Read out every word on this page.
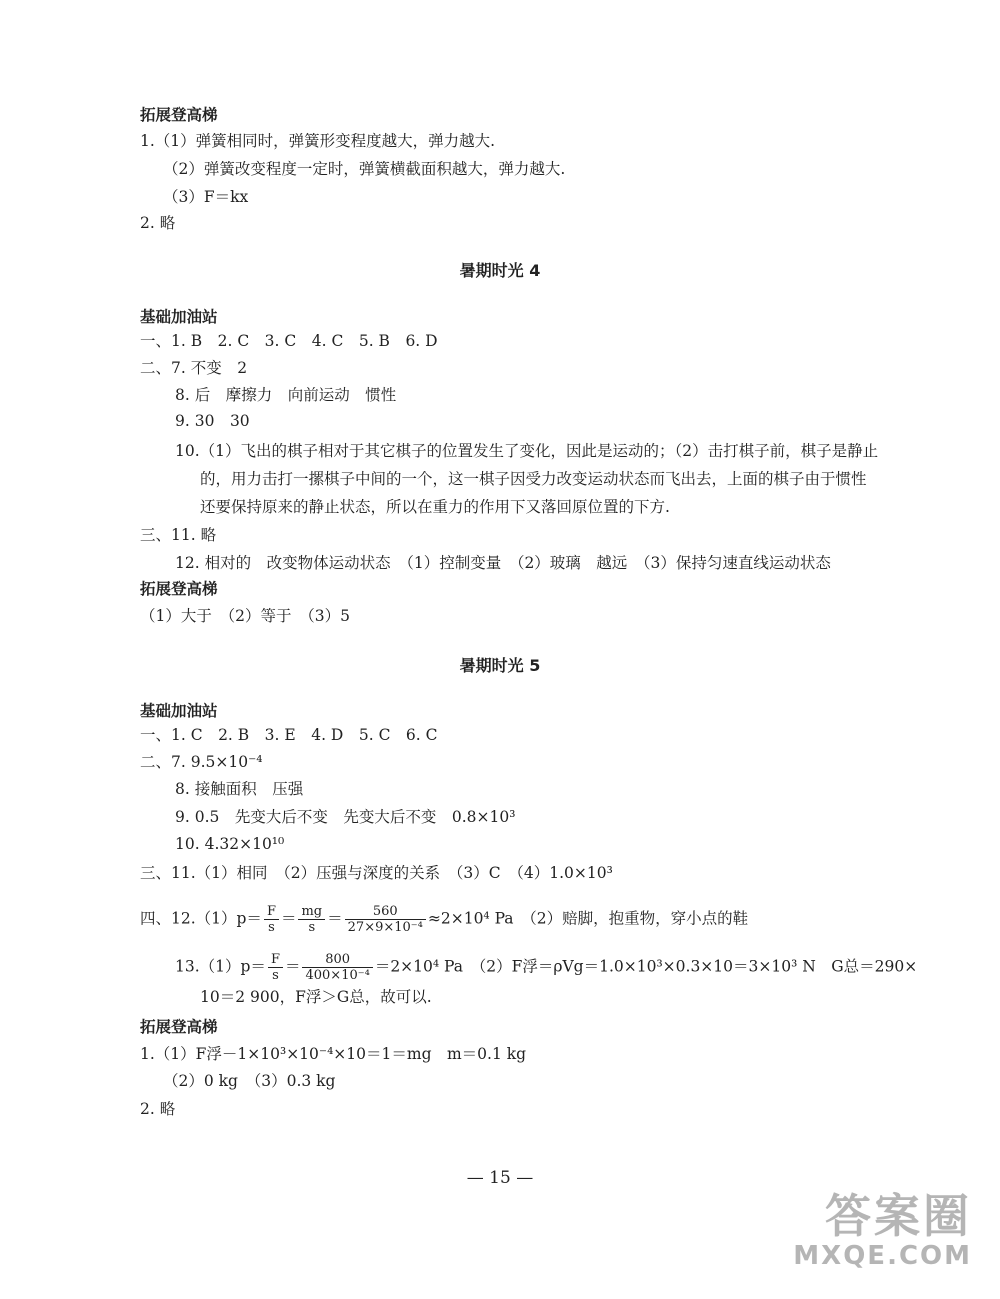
拓展登高梯
1.（1）弹簧相同时，弹簧形变程度越大，弹力越大.
（2）弹簧改变程度一定时，弹簧横截面积越大，弹力越大.
（3）F＝kx
2. 略
暑期时光 4
基础加油站
一、1. B　2. C　3. C　4. C　5. B　6. D
二、7. 不变　2
8. 后　摩擦力　向前运动　惯性
9. 30　30
10.（1）飞出的棋子相对于其它棋子的位置发生了变化，因此是运动的；（2）击打棋子前，棋子是静止
的，用力击打一摞棋子中间的一个，这一棋子因受力改变运动状态而飞出去，上面的棋子由于惯性
还要保持原来的静止状态，所以在重力的作用下又落回原位置的下方.
三、11. 略
12. 相对的　改变物体运动状态　（1）控制变量　（2）玻璃　越远　（3）保持匀速直线运动状态
拓展登高梯
（1）大于　（2）等于　（3）5
暑期时光 5
基础加油站
一、1. C　2. B　3. E　4. D　5. C　6. C
二、7. 9.5×10⁻⁴
8. 接触面积　压强
9. 0.5　先变大后不变　先变大后不变　0.8×10³
10. 4.32×10¹⁰
三、11.（1）相同　（2）压强与深度的关系　（3）C　（4）1.0×10³
10＝2 900，F浮＞G总，故可以.
拓展登高梯
1.（1）F浮－1×10³×10⁻⁴×10＝1＝mg　m＝0.1 kg
（2）0 kg　（3）0.3 kg
2. 略
四、$12.(1)p= \frac{F}{s} = \frac{mg}{s} = \frac{560}{\text{27×9×10⁻⁴}} \approx 2\times 10^4$ Pa　（2）赔脚，抱重物，穿小点的鞋
$13.(1)p= \frac{F}{s} = \frac{800}{\text{400×10⁻⁴}} =2\times 10^4$ Pa　（2）F浮＝ρVg＝1.0×10³×0.3×10＝3×10³ N　G总＝290×
— 15 —
答案圈
MXQE.COM
